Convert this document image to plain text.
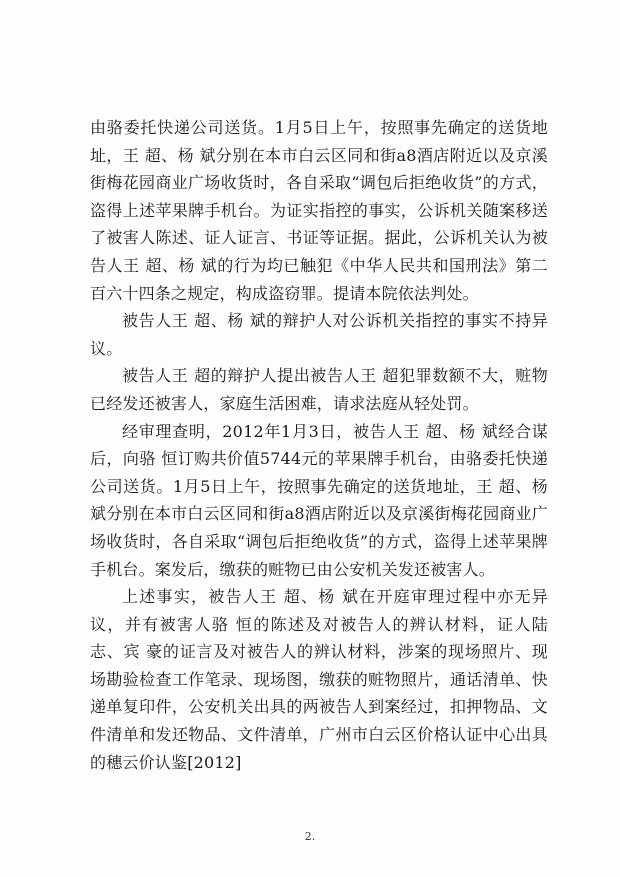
由骆委托快递公司送货。1月5日上午，按照事先确定的送货地址，王 超、杨 斌分别在本市白云区同和街a8酒店附近以及京溪街梅花园商业广场收货时，各自采取“调包后拒绝收货”的方式，盗得上述苹果牌手机台。为证实指控的事实，公诉机关随案移送了被害人陈述、证人证言、书证等证据。据此，公诉机关认为被告人王 超、杨 斌的行为均已触犯《中华人民共和国刑法》第二百六十四条之规定，构成盗窃罪。提请本院依法判处。

被告人王 超、杨 斌的辩护人对公诉机关指控的事实不持异议。

被告人王 超的辩护人提出被告人王 超犯罪数额不大，赃物已经发还被害人，家庭生活困难，请求法庭从轻处罚。

经审理查明，2012年1月3日，被告人王 超、杨 斌经合谋后，向骆 恒订购共价值5744元的苹果牌手机台，由骆委托快递公司送货。1月5日上午，按照事先确定的送货地址，王 超、杨 斌分别在本市白云区同和街a8酒店附近以及京溪街梅花园商业广场收货时，各自采取“调包后拒绝收货”的方式，盗得上述苹果牌手机台。案发后，缴获的赃物已由公安机关发还被害人。

上述事实，被告人王 超、杨 斌在开庭审理过程中亦无异议，并有被害人骆 恒的陈述及对被告人的辨认材料，证人陆 志、宾 豪的证言及对被告人的辨认材料，涉案的现场照片、现场勘验检查工作笔录、现场图，缴获的赃物照片，通话清单、快递单复印件，公安机关出具的两被告人到案经过，扣押物品、文件清单和发还物品、文件清单，广州市白云区价格认证中心出具的穗云价认鉴[2012]

2.
